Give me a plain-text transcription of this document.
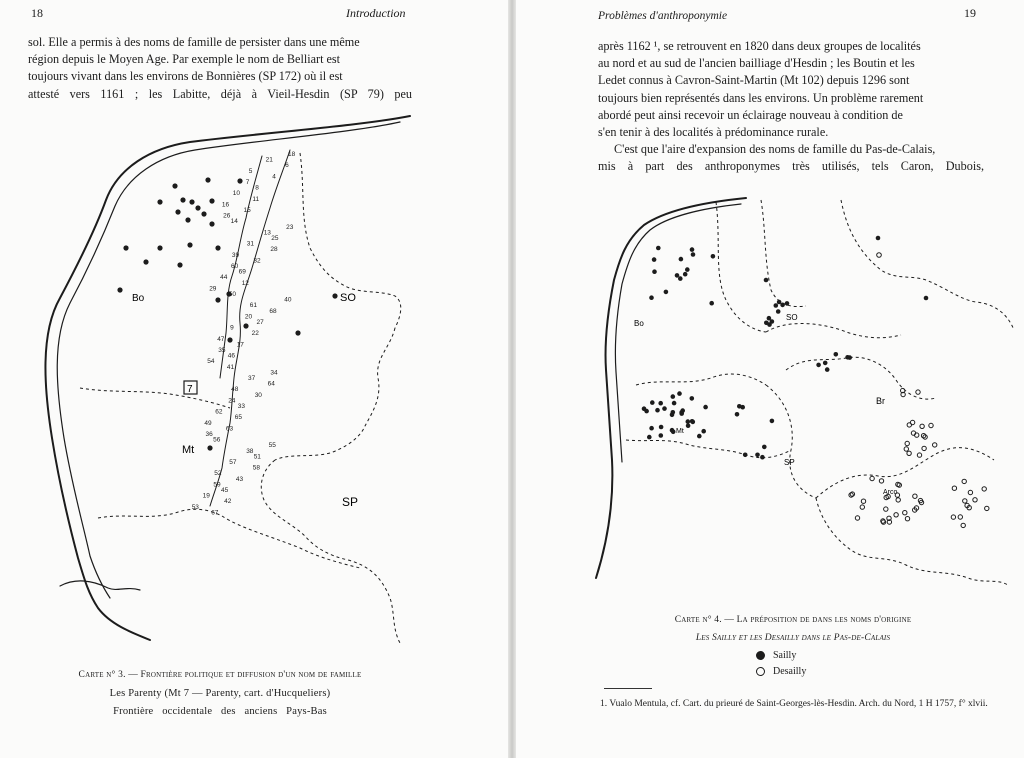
18	Introduction

sol. Elle a permis à des noms de famille de persister dans une même

région depuis le Moyen Age. Par exemple le nom de Belliart est

toujours vivant dans les environs de Bonnières (SP 172) où il est

attesté vers 1161 ; les Labitte, déjà à Vieil-Hesdin (SP 79) peu

7
Bo	SO
Mt
SP
18
21
6
5
4
7
8
10
11
16
15
26
14
23
13
25
31
28
39
32
60
69
44
12
29
50
40
61
68
20
27
9
22
47
17
35
46
54
41
34
37
64
48
30
24
33
62
65
49
63
36
56
55
38
51
57
58
52
43
59
45
19
42
53
67
Carte n° 3. — Frontière politique et diffusion d'un nom de famille
Les Parenty (Mt 7 — Parenty, cart. d'Hucqueliers)
Frontière occidentale des anciens Pays-Bas
Problèmes d'anthroponymie	19

après 1162 ¹, se retrouvent en 1820 dans deux groupes de localités

au nord et au sud de l'ancien bailliage d'Hesdin ; les Boutin et les

Ledet connus à Cavron-Saint-Martin (Mt 102) depuis 1296 sont

toujours bien représentés dans les environs. Un problème rarement

abordé peut ainsi recevoir un éclairage nouveau à condition de

s'en tenir à des localités à prédominance rurale.

C'est que l'aire d'expansion des noms de famille du Pas-de-Calais,

mis à part des anthroponymes très utilisés, tels Caron, Dubois,

Bo
SO
Mt
SP
Br
Arco
Carte n° 4. — La préposition de dans les noms d'origine
Les Sailly et les Desailly dans le Pas-de-Calais
Sailly
Desailly
1. Vualo Mentula, cf. Cart. du prieuré de Saint-Georges-lès-Hesdin. Arch. du Nord, 1 H 1757, f° xlvii.
